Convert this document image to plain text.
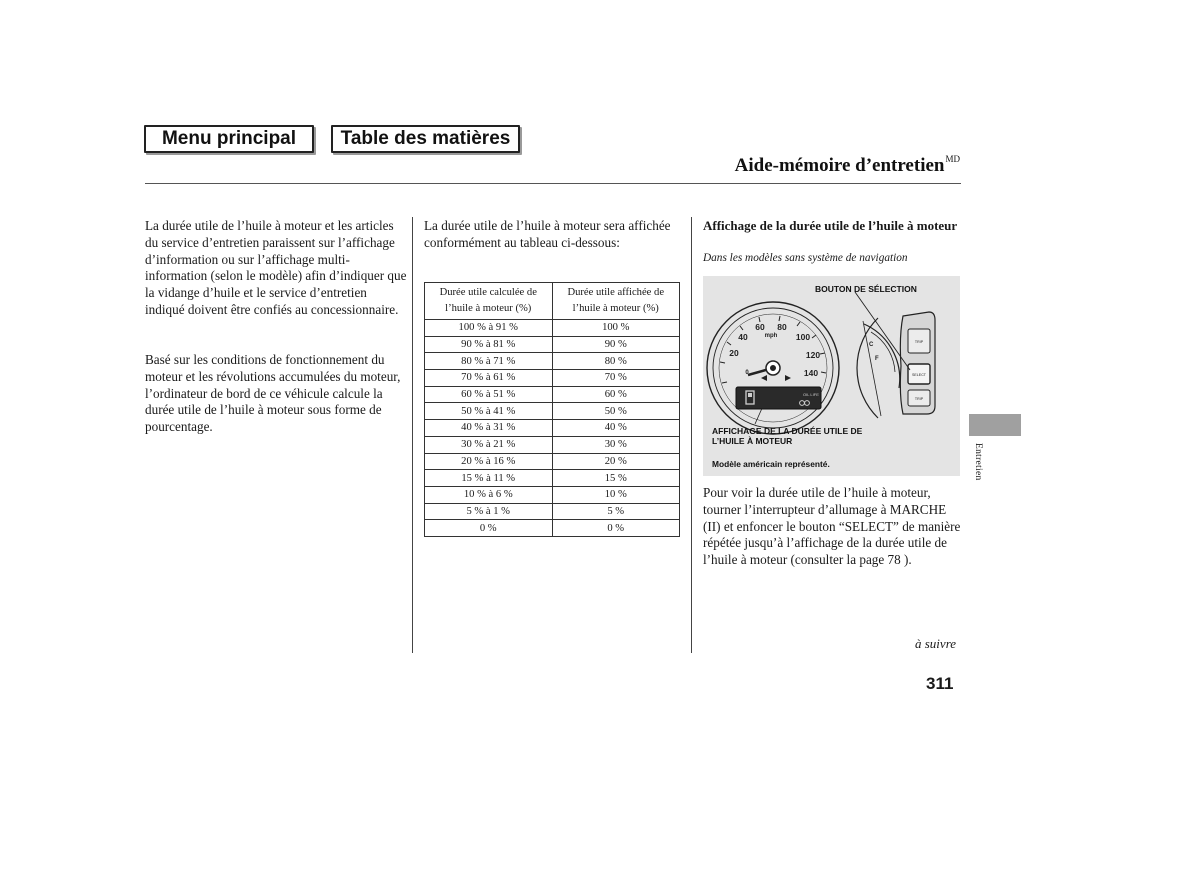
Menu principal	Table des matières
Aide-mémoire d’entretien$^{MD}$
La durée utile de l’huile à moteur et les articles du service d’entretien paraissent sur l’affichage d’information ou sur l’affichage multi-information (selon le modèle) afin d’indiquer que la vidange d’huile et le service d’entretien indiqué doivent être confiés au concessionnaire.
Basé sur les conditions de fonctionnement du moteur et les révolutions accumulées du moteur, l’ordinateur de bord de ce véhicule calcule la durée utile de l’huile à moteur sous forme de pourcentage.
La durée utile de l’huile à moteur sera affichée conformément au tableau ci-dessous:
Durée utile calculée de l’huile à moteur (%)	Durée utile affichée de l’huile à moteur (%)
100 % à 91 %	100 %
90 % à 81 %	90 %
80 % à 71 %	80 %
70 % à 61 %	70 %
60 % à 51 %	60 %
50 % à 41 %	50 %
40 % à 31 %	40 %
30 % à 21 %	30 %
20 % à 16 %	20 %
15 % à 11 %	15 %
10 % à 6 %	10 %
5 % à 1 %	5 %
0 %	0 %
Affichage de la durée utile de l’huile à moteur
Dans les modèles sans système de navigation
OIL LIFE
20
40
60 80
100
120
140
0
mph
C
F
TRIP
SELECT
TRIP
BOUTON DE SÉLECTION
AFFICHAGE DE LA DURÉE UTILE DE L’HUILE À MOTEUR
Modèle américain représenté.
Pour voir la durée utile de l’huile à moteur, tourner l’interrupteur d’allumage à MARCHE (II) et enfoncer le bouton “SELECT” de manière répétée jusqu’à l’affichage de la durée utile de l’huile à moteur (consulter la page 78 ).
à suivre
311
Entretien
